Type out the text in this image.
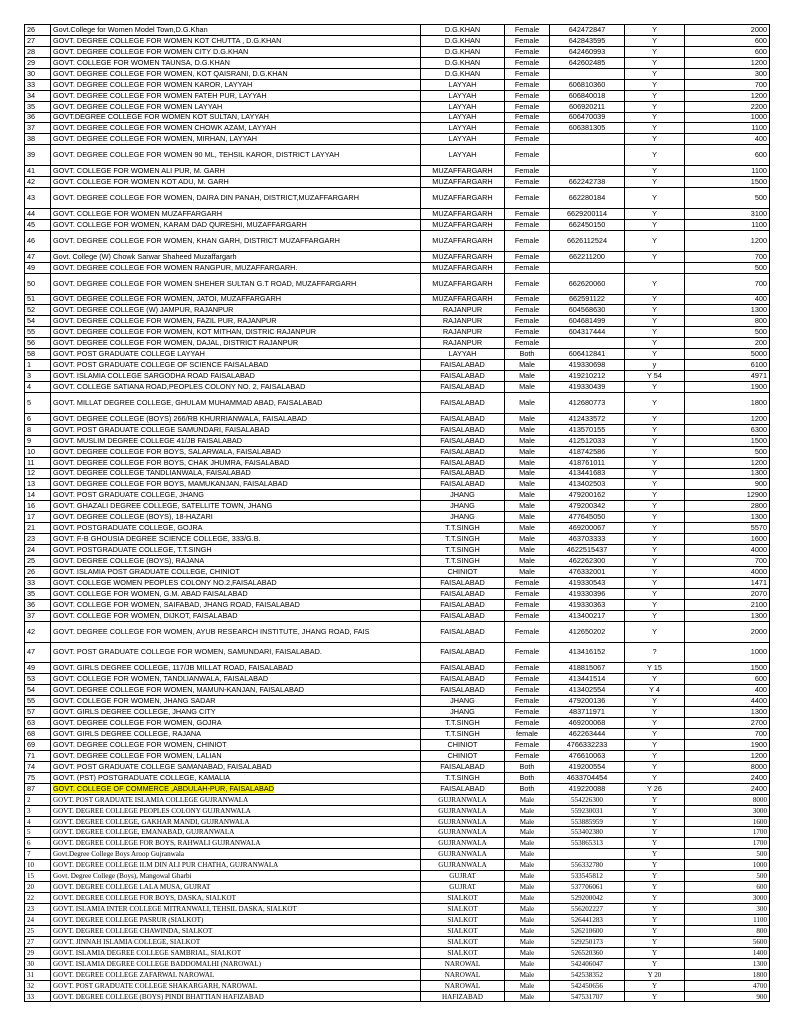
26	Govt.College for Women Model Town,D.G.Khan	D.G.KHAN	Female	642472847	Y	2000
27	GOVT. DEGREE COLLEGE FOR WOMEN KOT CHUTTA , D.G.KHAN	D.G.KHAN	Female	642843595	Y	600
28	GOVT. DEGREE COLLEGE FOR WOMEN CITY D.G.KHAN	D.G.KHAN	Female	642460993	Y	600
29	GOVT. COLLEGE FOR WOMEN TAUNSA, D.G.KHAN	D.G.KHAN	Female	642602485	Y	1200
30	GOVT. DEGREE COLLEGE FOR WOMEN, KOT QAISRANI, D.G.KHAN	D.G.KHAN	Female		Y	300
33	GOVT. DEGREE COLLEGE FOR WOMEN KAROR, LAYYAH	LAYYAH	Female	606810360	Y	700
34	GOVT. DEGREE COLLEGE FOR WOMEN FATEH PUR, LAYYAH	LAYYAH	Female	606840018	Y	1200
35	GOVT. DEGREE COLLEGE FOR WOMEN LAYYAH	LAYYAH	Female	606920211	Y	2200
36	GOVT.DEGREE COLLEGE FOR WOMEN KOT SULTAN, LAYYAH	LAYYAH	Female	606470039	Y	1000
37	GOVT. DEGREE COLLEGE FOR WOMEN CHOWK AZAM, LAYYAH	LAYYAH	Female	606381305	Y	1100
38	GOVT. DEGREE COLLEGE FOR WOMEN, MIRHAN, LAYYAH	LAYYAH	Female		Y	400
39	GOVT. DEGREE COLLEGE FOR WOMEN 90 ML, TEHSIL KAROR, DISTRICT LAYYAH	LAYYAH	Female		Y	600
41	GOVT. COLLEGE FOR WOMEN ALI PUR, M. GARH	MUZAFFARGARH	Female		Y	1100
42	GOVT. COLLEGE FOR WOMEN KOT ADU, M. GARH	MUZAFFARGARH	Female	662242738	Y	1500
43	GOVT. DEGREE COLLEGE FOR WOMEN, DAIRA DIN PANAH, DISTRICT,MUZAFFARGARH	MUZAFFARGARH	Female	662280184	Y	500
44	GOVT. COLLEGE FOR WOMEN MUZAFFARGARH	MUZAFFARGARH	Female	6629200114	Y	3100
45	GOVT. COLLEGE FOR WOMEN, KARAM DAD QURESHI, MUZAFFARGARH	MUZAFFARGARH	Female	662450150	Y	1100
46	GOVT. DEGREE COLLEGE FOR WOMEN, KHAN GARH, DISTRICT MUZAFFARGARH	MUZAFFARGARH	Female	6626112524	Y	1200
47	Govt. College (W) Chowk Sarwar Shaheed Muzaffargarh	MUZAFFARGARH	Female	662211200	Y	700
49	GOVT. DEGREE COLLEGE FOR WOMEN RANGPUR, MUZAFFARGARH.	MUZAFFARGARH	Female			500
50	GOVT. DEGREE COLLEGE FOR WOMEN SHEHER SULTAN G.T ROAD, MUZAFFARGARH	MUZAFFARGARH	Female	662620060	Y	700
51	GOVT. DEGREE COLLEGE FOR WOMEN, JATOI, MUZAFFARGARH	MUZAFFARGARH	Female	662591122	Y	400
52	GOVT. DEGREE COLLEGE (W) JAMPUR, RAJANPUR	RAJANPUR	Female	604568630	Y	1300
54	GOVT. DEGREE COLLEGE FOR WOMEN, FAZIL PUR, RAJANPUR	RAJANPUR	Female	604681499	Y	800
55	GOVT. DEGREE COLLEGE FOR WOMEN, KOT MITHAN, DISTRIC RAJANPUR	RAJANPUR	Female	604317444	Y	500
56	GOVT. DEGREE COLLEGE FOR WOMEN, DAJAL, DISTRICT RAJANPUR	RAJANPUR	Female		Y	200
58	GOVT. POST GRADUATE COLLEGE LAYYAH	LAYYAH	Both	606412841	Y	5000
1	GOVT. POST GRADUATE COLLEGE OF SCIENCE FAISALABAD	FAISALABAD	Male	419330698	y	6100
3	GOVT. ISLAMIA COLLEGE SARGODHA ROAD FAISALABAD	FAISALABAD	Male	419210212	Y 54	4971
4	GOVT. COLLEGE SATIANA ROAD,PEOPLES COLONY NO. 2, FAISALABAD	FAISALABAD	Male	419330439	Y	1900
5	GOVT. MILLAT DEGREE COLLEGE, GHULAM MUHAMMAD ABAD, FAISALABAD	FAISALABAD	Male	412680773	Y	1800
6	GOVT. DEGREE COLLEGE (BOYS) 266/RB KHURRIANWALA, FAISALABAD	FAISALABAD	Male	412433572	Y	1200
8	GOVT. POST GRADUATE COLLEGE SAMUNDARI, FAISALABAD	FAISALABAD	Male	413570155	Y	6300
9	GOVT. MUSLIM DEGREE COLLEGE 41/JB FAISALABAD	FAISALABAD	Male	412512033	Y	1500
10	GOVT. DEGREE COLLEGE FOR BOYS, SALARWALA, FAISALABAD	FAISALABAD	Male	418742586	Y	500
11	GOVT. DEGREE COLLEGE FOR BOYS, CHAK JHUMRA, FAISALABAD	FAISALABAD	Male	418761011	Y	1200
12	GOVT. DEGREE COLLEGE TANDLIANWALA, FAISALABAD	FAISALABAD	Male	413441683	Y	1300
13	GOVT. DEGREE COLLEGE FOR BOYS, MAMUKANJAN, FAISALABAD	FAISALABAD	Male	413402503	Y	900
14	GOVT. POST GRADUATE COLLEGE, JHANG	JHANG	Male	479200162	Y	12900
16	GOVT. GHAZALI DEGREE COLLEGE, SATELLITE TOWN, JHANG	JHANG	Male	479200342	Y	2800
17	GOVT. DEGREE COLLEGE (BOYS), 18-HAZARI	JHANG	Male	477645050	Y	1300
21	GOVT. POSTGRADUATE COLLEGE, GOJRA	T.T.SINGH	Male	469200067	Y	5570
23	GOVT. F-B GHOUSIA DEGREE SCIENCE COLLEGE, 333/G.B.	T.T.SINGH	Male	463703333	Y	1600
24	GOVT. POSTGRADUATE COLLEGE, T.T.SINGH	T.T.SINGH	Male	4622515437	Y	4000
25	GOVT. DEGREE COLLEGE (BOYS), RAJANA	T.T.SINGH	Male	462262300	Y	700
26	GOVT. ISLAMIA POST GRADUATE COLLEGE, CHINIOT	CHINIOT	Male	476332001	Y	4000
33	GOVT. COLLEGE WOMEN PEOPLES COLONY NO.2,FAISALABAD	FAISALABAD	Female	419330543	Y	1471
35	GOVT. COLLEGE FOR WOMEN, G.M. ABAD FAISALABAD	FAISALABAD	Female	419330396	Y	2070
36	GOVT. COLLEGE FOR WOMEN, SAIFABAD, JHANG ROAD, FAISALABAD	FAISALABAD	Female	419330363	Y	2100
37	GOVT. COLLEGE FOR WOMEN, DIJKOT, FAISALABAD	FAISALABAD	Female	413400217	Y	1300
42	GOVT. DEGREE COLLEGE FOR WOMEN, AYUB RESEARCH INSTITUTE, JHANG ROAD, FAIS	FAISALABAD	Female	412650202	Y	2000
47	GOVT. POST GRADUATE COLLEGE FOR WOMEN, SAMUNDARI, FAISALABAD.	FAISALABAD	Female	413416152	?	1000
49	GOVT. GIRLS DEGREE COLLEGE, 117/JB MILLAT ROAD, FAISALABAD	FAISALABAD	Female	418815067	Y 15	1500
53	GOVT. COLLEGE FOR WOMEN, TANDLIANWALA, FAISALABAD	FAISALABAD	Female	413441514	Y	600
54	GOVT. DEGREE COLLEGE FOR WOMEN, MAMUN-KANJAN, FAISALABAD	FAISALABAD	Female	413402554	Y 4	400
55	GOVT. COLLEGE FOR WOMEN, JHANG SADAR	JHANG	Female	479200136	Y	4400
57	GOVT. GIRLS DEGREE COLLEGE, JHANG CITY	JHANG	Female	483711971	Y	1300
63	GOVT. DEGREE COLLEGE FOR WOMEN, GOJRA	T.T.SINGH	Female	469200068	Y	2700
68	GOVT. GIRLS DEGREE COLLEGE, RAJANA	T.T.SINGH	female	462263444	Y	700
69	GOVT. DEGREE COLLEGE FOR WOMEN, CHINIOT	CHINIOT	Female	4766332233	Y	1900
71	GOVT. DEGREE COLLEGE FOR WOMEN, LALIAN	CHINIOT	Female	476610063	Y	1200
74	GOVT. POST GRADUATE COLLEGE SAMANABAD, FAISALABAD	FAISALABAD	Both	419200554	Y	8000
75	GOVT. (PST) POSTGRADUATE COLLEGE, KAMALIA	T.T.SINGH	Both	4633704454	Y	2400
87	GOVT. COLLEGE OF COMMERCE ,ABDULAH-PUR, FAISALABAD	FAISALABAD	Both	419220088	Y 26	2400
2	GOVT. POST GRADUATE ISLAMIA COLLEGE GUJRANWALA	GUJRANWALA	Male	554226300	Y	8000
3	GOVT. DEGREE COLLEGE PEOPLES COLONY GUJRANWALA	GUJRANWALA	Male	559230031	Y	3000
4	GOVT. DEGREE COLLEGE, GAKHAR MANDI, GUJRANWALA	GUJRANWALA	Male	553885959	Y	1600
5	GOVT. DEGREE COLLEGE, EMANABAD, GUJRANWALA	GUJRANWALA	Male	553402380	Y	1700
6	GOVT. DEGREE COLLEGE FOR BOYS, RAHWALI GUJRANWALA	GUJRANWALA	Male	553865313	Y	1700
7	Govt.Degree College Boys Aroop Gujranwala	GUJRANWALA	Male		Y	500
10	GOVT. DEGREE COLLEGE ILM DIN ALI PUR CHATHA, GUJRANWALA	GUJRANWALA	Male	556332780	Y	1000
15	Govt. Degree College (Boys), Mangowal Gharbi	GUJRAT	Male	533545812	Y	500
20	GOVT. DEGREE COLLEGE LALA MUSA, GUJRAT	GUJRAT	Male	537706061	Y	600
22	GOVT. DEGREE COLLEGE FOR BOYS, DASKA, SIALKOT	SIALKOT	Male	529200042	Y	3000
23	GOVT. ISLAMIA INTER COLLEGE MITRANWALI, TEHSIL DASKA, SIALKOT	SIALKOT	Male	556202227	Y	300
24	GOVT. DEGREE COLLEGE PASRUR (SIALKOT)	SIALKOT	Male	526441283	Y	1100
25	GOVT. DEGREE COLLEGE CHAWINDA, SIALKOT	SIALKOT	Male	526210600	Y	800
27	GOVT. JINNAH ISLAMIA COLLEGE, SIALKOT	SIALKOT	Male	529250173	Y	5600
29	GOVT. ISLAMIA DEGREE COLLEGE SAMBRIAL, SIALKOT	SIALKOT	Male	526520360	Y	1400
30	GOVT. ISLAMIA DEGREE COLLEGE BADDOMALHI (NAROWAL)	NAROWAL	Male	542406047	Y	1300
31	GOVT. DEGREE COLLEGE ZAFARWAL NAROWAL	NAROWAL	Male	542538352	Y 20	1800
32	GOVT. POST GRADUATE COLLEGE SHAKARGARH, NAROWAL	NAROWAL	Male	542450656	Y	4700
33	GOVT. DEGREE COLLEGE (BOYS) PINDI BHATTIAN HAFIZABAD	HAFIZABAD	Male	547531707	Y	900
